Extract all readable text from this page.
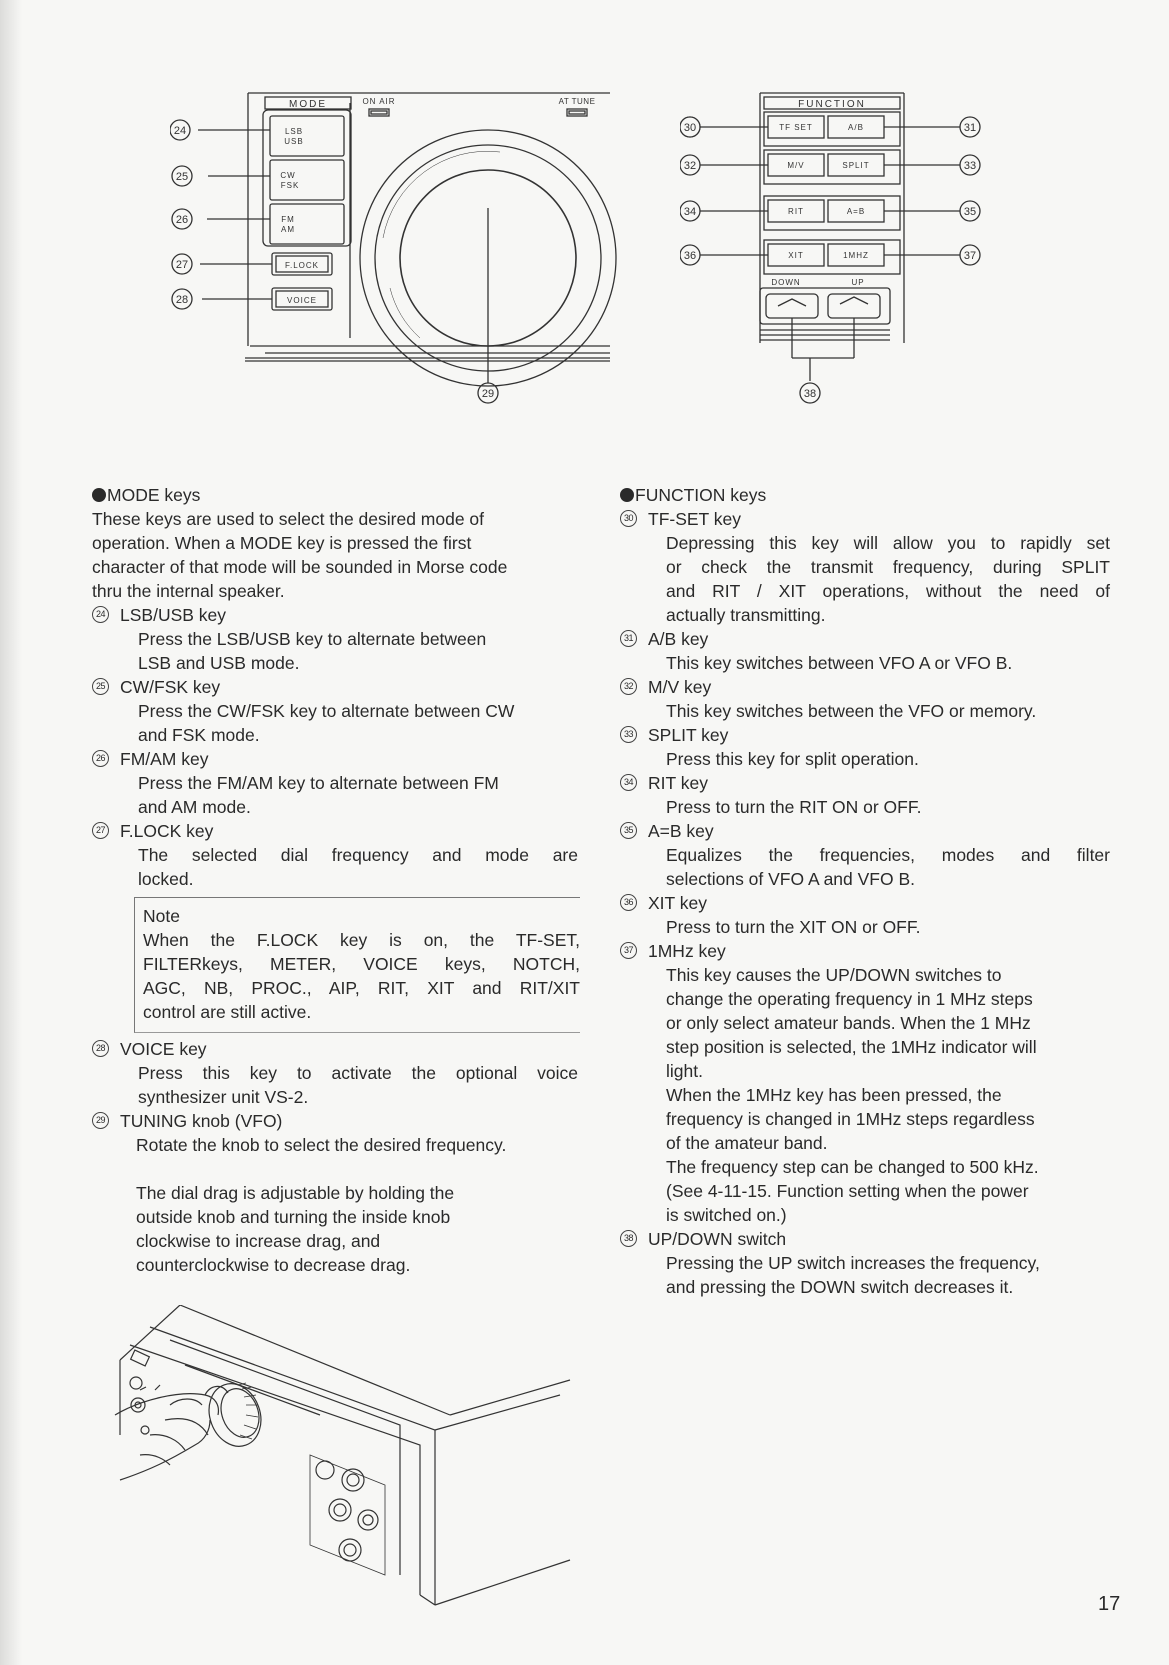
MODE	ON AIR	AT TUNE
LSB
USB
CW
FSK
FM
AM
F.LOCK
VOICE
24
25
26
27
28
29
FUNCTION
TF SET	A/B
M/V	SPLIT
RIT	A=B
XIT	1MHZ
DOWN	UP
30	31
32	33
34	35
36	37
38

MODE keys

These keys are used to select the desired mode of

operation. When a MODE key is pressed the first

character of that mode will be sounded in Morse code

thru the internal speaker.

24 LSB/USB key

Press the LSB/USB key to alternate between

LSB and USB mode.

25 CW/FSK key

Press the CW/FSK key to alternate between CW

and FSK mode.

26 FM/AM key

Press the FM/AM key to alternate between FM

and AM mode.

27 F.LOCK key

The selected dial frequency and mode are

locked.

Note

When the F.LOCK key is on, the TF-SET,

FILTERkeys, METER, VOICE keys, NOTCH,

AGC, NB, PROC., AIP, RIT, XIT and RIT/XIT

control are still active.

28 VOICE key

Press this key to activate the optional voice

synthesizer unit VS-2.

29 TUNING knob (VFO)

Rotate the knob to select the desired frequency.

The dial drag is adjustable by holding the

outside knob and turning the inside knob

clockwise to increase drag, and

counterclockwise to decrease drag.

FUNCTION keys

30 TF-SET key

Depressing this key will allow you to rapidly set

or check the transmit frequency, during SPLIT

and RIT / XIT operations, without the need of

actually transmitting.

31 A/B key

This key switches between VFO A or VFO B.

32 M/V key

This key switches between the VFO or memory.

33 SPLIT key

Press this key for split operation.

34 RIT key

Press to turn the RIT ON or OFF.

35 A=B key

Equalizes the frequencies, modes and filter

selections of VFO A and VFO B.

36 XIT key

Press to turn the XIT ON or OFF.

37 1MHz key

This key causes the UP/DOWN switches to

change the operating frequency in 1 MHz steps

or only select amateur bands. When the 1 MHz

step position is selected, the 1MHz indicator will

light.

When the 1MHz key has been pressed, the

frequency is changed in 1MHz steps regardless

of the amateur band.

The frequency step can be changed to 500 kHz.

(See 4-11-15. Function setting when the power

is switched on.)

38 UP/DOWN switch

Pressing the UP switch increases the frequency,

and pressing the DOWN switch decreases it.

17
